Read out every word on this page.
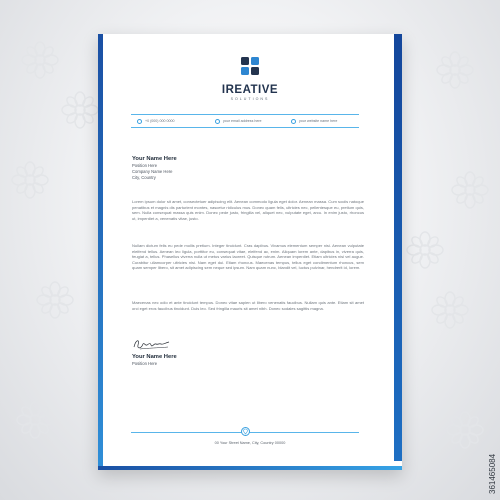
IREATIVE
SOLUTIONS
+0 (000) 000 0000	your email address here	your website name here
Your Name Here
Position Here
Company Name Here
City, Country

Lorem ipsum dolor sit amet, consectetuer adipiscing elit. Aenean commodo ligula eget dolor. Aenean massa. Cum sociis natoque penatibus et magnis dis parturient montes, nascetur ridiculus mus. Donec quam felis, ultricies nec, pellentesque eu, pretium quis, sem. Nulla consequat massa quis enim. Donec pede justo, fringilla vel, aliquet nec, vulputate eget, arcu. In enim justo, rhoncus ut, imperdiet a, venenatis vitae, justo.

Nullam dictum felis eu pede mollis pretium. Integer tincidunt. Cras dapibus. Vivamus elementum semper nisi. Aenean vulputate eleifend tellus. Aenean leo ligula, porttitor eu, consequat vitae, eleifend ac, enim. Aliquam lorem ante, dapibus in, viverra quis, feugiat a, tellus. Phasellus viverra nulla ut metus varius laoreet. Quisque rutrum. Aenean imperdiet. Etiam ultricies nisi vel augue. Curabitur ullamcorper ultricies nisi. Nam eget dui. Etiam rhoncus. Maecenas tempus, tellus eget condimentum rhoncus, sem quam semper libero, sit amet adipiscing sem neque sed ipsum. Nam quam nunc, blandit vel, luctus pulvinar, hendrerit id, lorem.

Maecenas nec odio et ante tincidunt tempus. Donec vitae sapien ut libero venenatis faucibus. Nullam quis ante. Etiam sit amet orci eget eros faucibus tincidunt. Duis leo. Sed fringilla mauris sit amet nibh. Donec sodales sagittis magna.

Your Name Here
Position Here
00 Your Street Name, City, Country 00000
361465084
